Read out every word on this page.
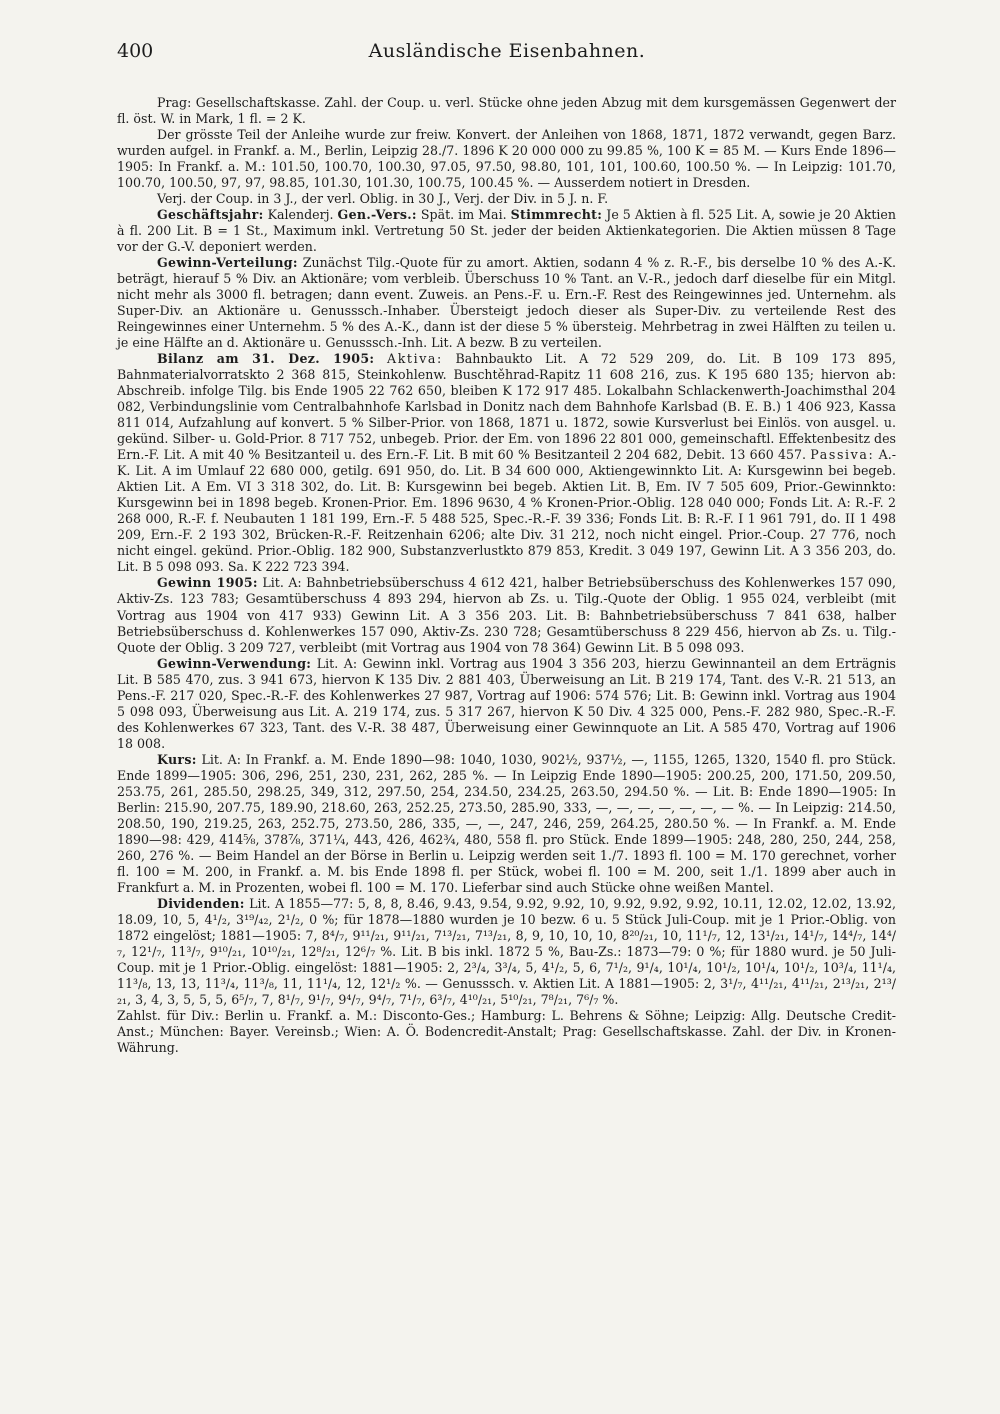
400	Ausländische Eisenbahnen.

Prag: Gesellschaftskasse. Zahl. der Coup. u. verl. Stücke ohne jeden Abzug mit dem kursgemässen Gegenwert der fl. öst. W. in Mark, 1 fl. = 2 K.

Der grösste Teil der Anleihe wurde zur freiw. Konvert. der Anleihen von 1868, 1871, 1872 verwandt, gegen Barz. wurden aufgel. in Frankf. a. M., Berlin, Leipzig 28./7. 1896 K 20 000 000 zu 99.85 %, 100 K = 85 M. — Kurs Ende 1896—1905: In Frankf. a. M.: 101.50, 100.70, 100.30, 97.05, 97.50, 98.80, 101, 101, 100.60, 100.50 %. — In Leipzig: 101.70, 100.70, 100.50, 97, 97, 98.85, 101.30, 101.30, 100.75, 100.45 %. — Ausserdem notiert in Dresden.

Verj. der Coup. in 3 J., der verl. Oblig. in 30 J., Verj. der Div. in 5 J. n. F.

Geschäftsjahr: Kalenderj. Gen.-Vers.: Spät. im Mai. Stimmrecht: Je 5 Aktien à fl. 525 Lit. A, sowie je 20 Aktien à fl. 200 Lit. B = 1 St., Maximum inkl. Vertretung 50 St. jeder der beiden Aktienkategorien. Die Aktien müssen 8 Tage vor der G.-V. deponiert werden.

Gewinn-Verteilung: Zunächst Tilg.-Quote für zu amort. Aktien, sodann 4 % z. R.-F., bis derselbe 10 % des A.-K. beträgt, hierauf 5 % Div. an Aktionäre; vom verbleib. Überschuss 10 % Tant. an V.-R., jedoch darf dieselbe für ein Mitgl. nicht mehr als 3000 fl. betragen; dann event. Zuweis. an Pens.-F. u. Ern.-F. Rest des Reingewinnes jed. Unternehm. als Super-Div. an Aktionäre u. Genusssch.-Inhaber. Übersteigt jedoch dieser als Super-Div. zu verteilende Rest des Reingewinnes einer Unternehm. 5 % des A.-K., dann ist der diese 5 % übersteig. Mehrbetrag in zwei Hälften zu teilen u. je eine Hälfte an d. Aktionäre u. Genusssch.-Inh. Lit. A bezw. B zu verteilen.

Bilanz am 31. Dez. 1905: Aktiva: Bahnbaukto Lit. A 72 529 209, do. Lit. B 109 173 895, Bahnmaterialvorratskto 2 368 815, Steinkohlenw. Buschtěhrad-Rapitz 11 608 216, zus. K 195 680 135; hiervon ab: Abschreib. infolge Tilg. bis Ende 1905 22 762 650, bleiben K 172 917 485. Lokalbahn Schlackenwerth-Joachimsthal 204 082, Verbindungslinie vom Centralbahnhofe Karlsbad in Donitz nach dem Bahnhofe Karlsbad (B. E. B.) 1 406 923, Kassa 811 014, Aufzahlung auf konvert. 5 % Silber-Prior. von 1868, 1871 u. 1872, sowie Kursverlust bei Einlös. von ausgel. u. gekünd. Silber- u. Gold-Prior. 8 717 752, unbegeb. Prior. der Em. von 1896 22 801 000, gemeinschaftl. Effektenbesitz des Ern.-F. Lit. A mit 40 % Besitzanteil u. des Ern.-F. Lit. B mit 60 % Besitzanteil 2 204 682, Debit. 13 660 457. Passiva: A.-K. Lit. A im Umlauf 22 680 000, getilg. 691 950, do. Lit. B 34 600 000, Aktiengewinnkto Lit. A: Kursgewinn bei begeb. Aktien Lit. A Em. VI 3 318 302, do. Lit. B: Kursgewinn bei begeb. Aktien Lit. B, Em. IV 7 505 609, Prior.-Gewinnkto: Kursgewinn bei in 1898 begeb. Kronen-Prior. Em. 1896 9630, 4 % Kronen-Prior.-Oblig. 128 040 000; Fonds Lit. A: R.-F. 2 268 000, R.-F. f. Neubauten 1 181 199, Ern.-F. 5 488 525, Spec.-R.-F. 39 336; Fonds Lit. B: R.-F. I 1 961 791, do. II 1 498 209, Ern.-F. 2 193 302, Brücken-R.-F. Reitzenhain 6206; alte Div. 31 212, noch nicht eingel. Prior.-Coup. 27 776, noch nicht eingel. gekünd. Prior.-Oblig. 182 900, Substanzverlustkto 879 853, Kredit. 3 049 197, Gewinn Lit. A 3 356 203, do. Lit. B 5 098 093. Sa. K 222 723 394.

Gewinn 1905: Lit. A: Bahnbetriebsüberschuss 4 612 421, halber Betriebsüberschuss des Kohlenwerkes 157 090, Aktiv-Zs. 123 783; Gesamtüberschuss 4 893 294, hiervon ab Zs. u. Tilg.-Quote der Oblig. 1 955 024, verbleibt (mit Vortrag aus 1904 von 417 933) Gewinn Lit. A 3 356 203. Lit. B: Bahnbetriebsüberschuss 7 841 638, halber Betriebsüberschuss d. Kohlenwerkes 157 090, Aktiv-Zs. 230 728; Gesamtüberschuss 8 229 456, hiervon ab Zs. u. Tilg.-Quote der Oblig. 3 209 727, verbleibt (mit Vortrag aus 1904 von 78 364) Gewinn Lit. B 5 098 093.

Gewinn-Verwendung: Lit. A: Gewinn inkl. Vortrag aus 1904 3 356 203, hierzu Gewinnanteil an dem Erträgnis Lit. B 585 470, zus. 3 941 673, hiervon K 135 Div. 2 881 403, Überweisung an Lit. B 219 174, Tant. des V.-R. 21 513, an Pens.-F. 217 020, Spec.-R.-F. des Kohlenwerkes 27 987, Vortrag auf 1906: 574 576; Lit. B: Gewinn inkl. Vortrag aus 1904 5 098 093, Überweisung aus Lit. A. 219 174, zus. 5 317 267, hiervon K 50 Div. 4 325 000, Pens.-F. 282 980, Spec.-R.-F. des Kohlenwerkes 67 323, Tant. des V.-R. 38 487, Überweisung einer Gewinnquote an Lit. A 585 470, Vortrag auf 1906 18 008.

Kurs: Lit. A: In Frankf. a. M. Ende 1890—98: 1040, 1030, 902½, 937½, —, 1155, 1265, 1320, 1540 fl. pro Stück. Ende 1899—1905: 306, 296, 251, 230, 231, 262, 285 %. — In Leipzig Ende 1890—1905: 200.25, 200, 171.50, 209.50, 253.75, 261, 285.50, 298.25, 349, 312, 297.50, 254, 234.50, 234.25, 263.50, 294.50 %. — Lit. B: Ende 1890—1905: In Berlin: 215.90, 207.75, 189.90, 218.60, 263, 252.25, 273.50, 285.90, 333, —, —, —, —, —, —, — %. — In Leipzig: 214.50, 208.50, 190, 219.25, 263, 252.75, 273.50, 286, 335, —, —, 247, 246, 259, 264.25, 280.50 %. — In Frankf. a. M. Ende 1890—98: 429, 414⅝, 378⅞, 371¼, 443, 426, 462¾, 480, 558 fl. pro Stück. Ende 1899—1905: 248, 280, 250, 244, 258, 260, 276 %. — Beim Handel an der Börse in Berlin u. Leipzig werden seit 1./7. 1893 fl. 100 = M. 170 gerechnet, vorher fl. 100 = M. 200, in Frankf. a. M. bis Ende 1898 fl. per Stück, wobei fl. 100 = M. 200, seit 1./1. 1899 aber auch in Frankfurt a. M. in Prozenten, wobei fl. 100 = M. 170. Lieferbar sind auch Stücke ohne weißen Mantel.

Dividenden: Lit. A 1855—77: 5, 8, 8, 8.46, 9.43, 9.54, 9.92, 9.92, 10, 9.92, 9.92, 9.92, 10.11, 12.02, 12.02, 13.92, 18.09, 10, 5, 4¹/₂, 3¹⁹/₄₂, 2¹/₂, 0 %; für 1878—1880 wurden je 10 bezw. 6 u. 5 Stück Juli-Coup. mit je 1 Prior.-Oblig. von 1872 eingelöst; 1881—1905: 7, 8⁴/₇, 9¹¹/₂₁, 9¹¹/₂₁, 7¹³/₂₁, 7¹³/₂₁, 8, 9, 10, 10, 10, 8²⁰/₂₁, 10, 11¹/₇, 12, 13¹/₂₁, 14¹/₇, 14⁴/₇, 14⁴/₇, 12¹/₇, 11³/₇, 9¹⁰/₂₁, 10¹⁰/₂₁, 12⁸/₂₁, 12⁶/₇ %. Lit. B bis inkl. 1872 5 %, Bau-Zs.: 1873—79: 0 %; für 1880 wurd. je 50 Juli-Coup. mit je 1 Prior.-Oblig. eingelöst: 1881—1905: 2, 2³/₄, 3³/₄, 5, 4¹/₂, 5, 6, 7¹/₂, 9¹/₄, 10¹/₄, 10¹/₂, 10¹/₄, 10¹/₂, 10³/₄, 11¹/₄, 11³/₈, 13, 13, 11³/₄, 11³/₈, 11, 11¹/₄, 12, 12¹/₂ %. — Genusssch. v. Aktien Lit. A 1881—1905: 2, 3¹/₇, 4¹¹/₂₁, 4¹¹/₂₁, 2¹³/₂₁, 2¹³/₂₁, 3, 4, 3, 5, 5, 5, 6⁵/₇, 7, 8¹/₇, 9¹/₇, 9⁴/₇, 9⁴/₇, 7¹/₇, 6³/₇, 4¹⁰/₂₁, 5¹⁰/₂₁, 7⁸/₂₁, 7⁶/₇ %.

Zahlst. für Div.: Berlin u. Frankf. a. M.: Disconto-Ges.; Hamburg: L. Behrens & Söhne; Leipzig: Allg. Deutsche Credit-Anst.; München: Bayer. Vereinsb.; Wien: A. Ö. Bodencredit-Anstalt; Prag: Gesellschaftskasse. Zahl. der Div. in Kronen-Währung.
